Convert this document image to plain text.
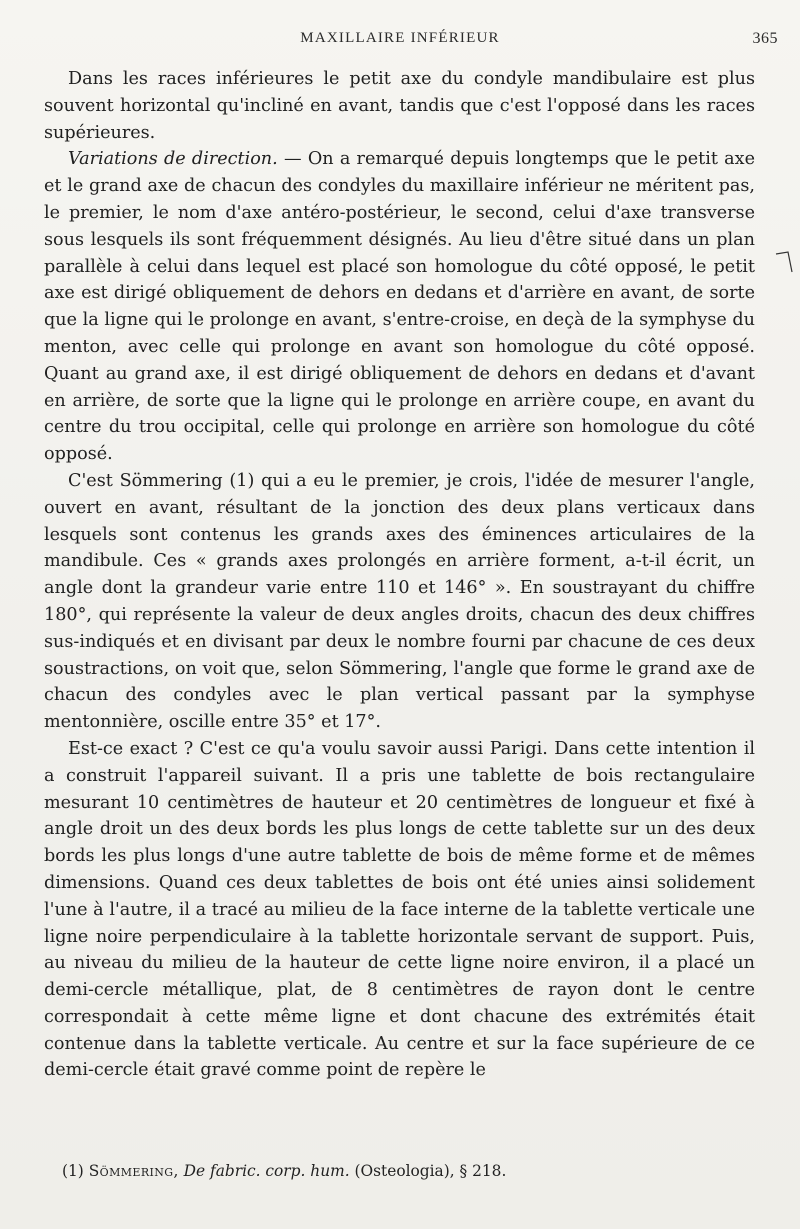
MAXILLAIRE INFÉRIEUR	365

Dans les races inférieures le petit axe du condyle mandibulaire est plus souvent horizontal qu'incliné en avant, tandis que c'est l'opposé dans les races supérieures.

Variations de direction. — On a remarqué depuis longtemps que le petit axe et le grand axe de chacun des condyles du maxillaire inférieur ne méritent pas, le premier, le nom d'axe antéro-postérieur, le second, celui d'axe transverse sous lesquels ils sont fréquemment désignés. Au lieu d'être situé dans un plan parallèle à celui dans lequel est placé son homologue du côté opposé, le petit axe est dirigé obliquement de dehors en dedans et d'arrière en avant, de sorte que la ligne qui le prolonge en avant, s'entre-croise, en deçà de la symphyse du menton, avec celle qui prolonge en avant son homologue du côté opposé. Quant au grand axe, il est dirigé obliquement de dehors en dedans et d'avant en arrière, de sorte que la ligne qui le prolonge en arrière coupe, en avant du centre du trou occipital, celle qui prolonge en arrière son homologue du côté opposé.

C'est Sömmering (1) qui a eu le premier, je crois, l'idée de mesurer l'angle, ouvert en avant, résultant de la jonction des deux plans verticaux dans lesquels sont contenus les grands axes des éminences articulaires de la mandibule. Ces « grands axes prolongés en arrière forment, a-t-il écrit, un angle dont la grandeur varie entre 110 et 146° ». En soustrayant du chiffre 180°, qui représente la valeur de deux angles droits, chacun des deux chiffres sus-indiqués et en divisant par deux le nombre fourni par chacune de ces deux soustractions, on voit que, selon Sömmering, l'angle que forme le grand axe de chacun des condyles avec le plan vertical passant par la symphyse mentonnière, oscille entre 35° et 17°.

Est-ce exact ? C'est ce qu'a voulu savoir aussi Parigi. Dans cette intention il a construit l'appareil suivant. Il a pris une tablette de bois rectangulaire mesurant 10 centimètres de hauteur et 20 centimètres de longueur et fixé à angle droit un des deux bords les plus longs de cette tablette sur un des deux bords les plus longs d'une autre tablette de bois de même forme et de mêmes dimensions. Quand ces deux tablettes de bois ont été unies ainsi solidement l'une à l'autre, il a tracé au milieu de la face interne de la tablette verticale une ligne noire perpendiculaire à la tablette horizontale servant de support. Puis, au niveau du milieu de la hauteur de cette ligne noire environ, il a placé un demi-cercle métallique, plat, de 8 centimètres de rayon dont le centre correspondait à cette même ligne et dont chacune des extrémités était contenue dans la tablette verticale. Au centre et sur la face supérieure de ce demi-cercle était gravé comme point de repère le

(1) Sömmering, De fabric. corp. hum. (Osteologia), § 218.
